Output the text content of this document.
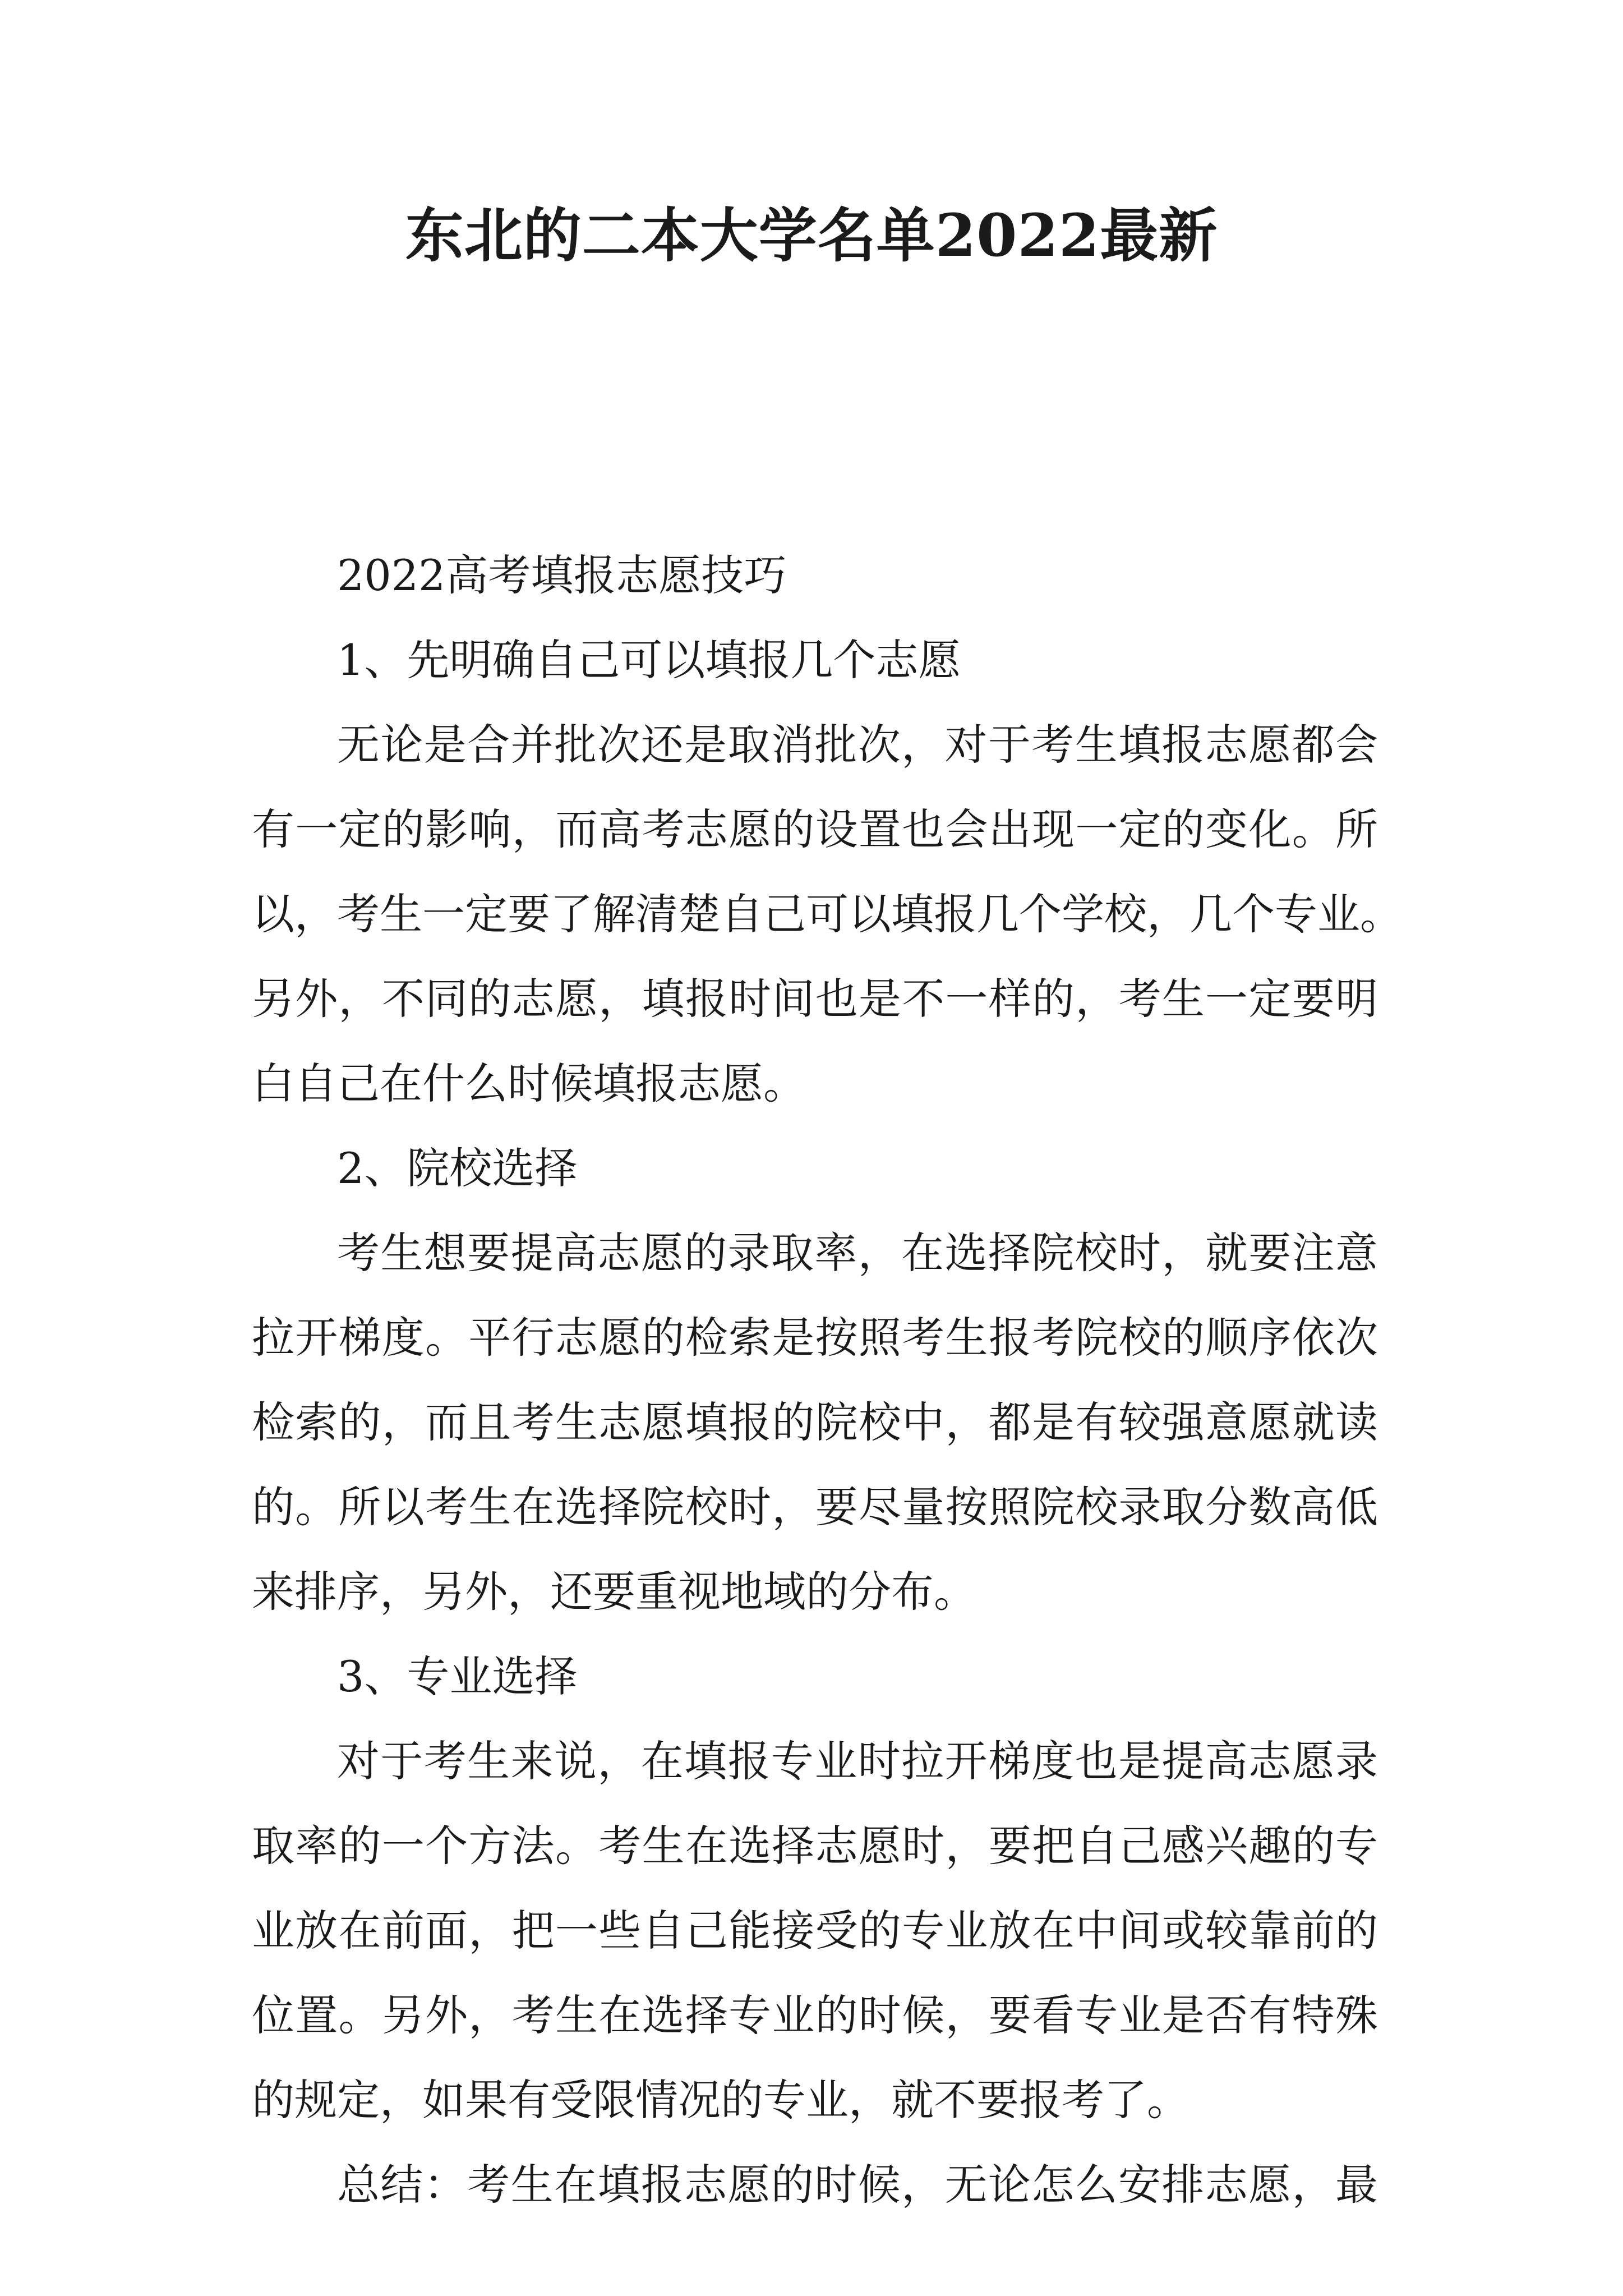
东北的二本大学名单2022最新
2022高考填报志愿技巧
1、先明确自己可以填报几个志愿
无论是合并批次还是取消批次，对于考生填报志愿都会
有一定的影响，而高考志愿的设置也会出现一定的变化。所
以，考生一定要了解清楚自己可以填报几个学校，几个专业。
另外，不同的志愿，填报时间也是不一样的，考生一定要明
白自己在什么时候填报志愿。
2、院校选择
考生想要提高志愿的录取率，在选择院校时，就要注意
拉开梯度。平行志愿的检索是按照考生报考院校的顺序依次
检索的，而且考生志愿填报的院校中，都是有较强意愿就读
的。所以考生在选择院校时，要尽量按照院校录取分数高低
来排序，另外，还要重视地域的分布。
3、专业选择
对于考生来说，在填报专业时拉开梯度也是提高志愿录
取率的一个方法。考生在选择志愿时，要把自己感兴趣的专
业放在前面，把一些自己能接受的专业放在中间或较靠前的
位置。另外，考生在选择专业的时候，要看专业是否有特殊
的规定，如果有受限情况的专业，就不要报考了。
总结：考生在填报志愿的时候，无论怎么安排志愿，最
